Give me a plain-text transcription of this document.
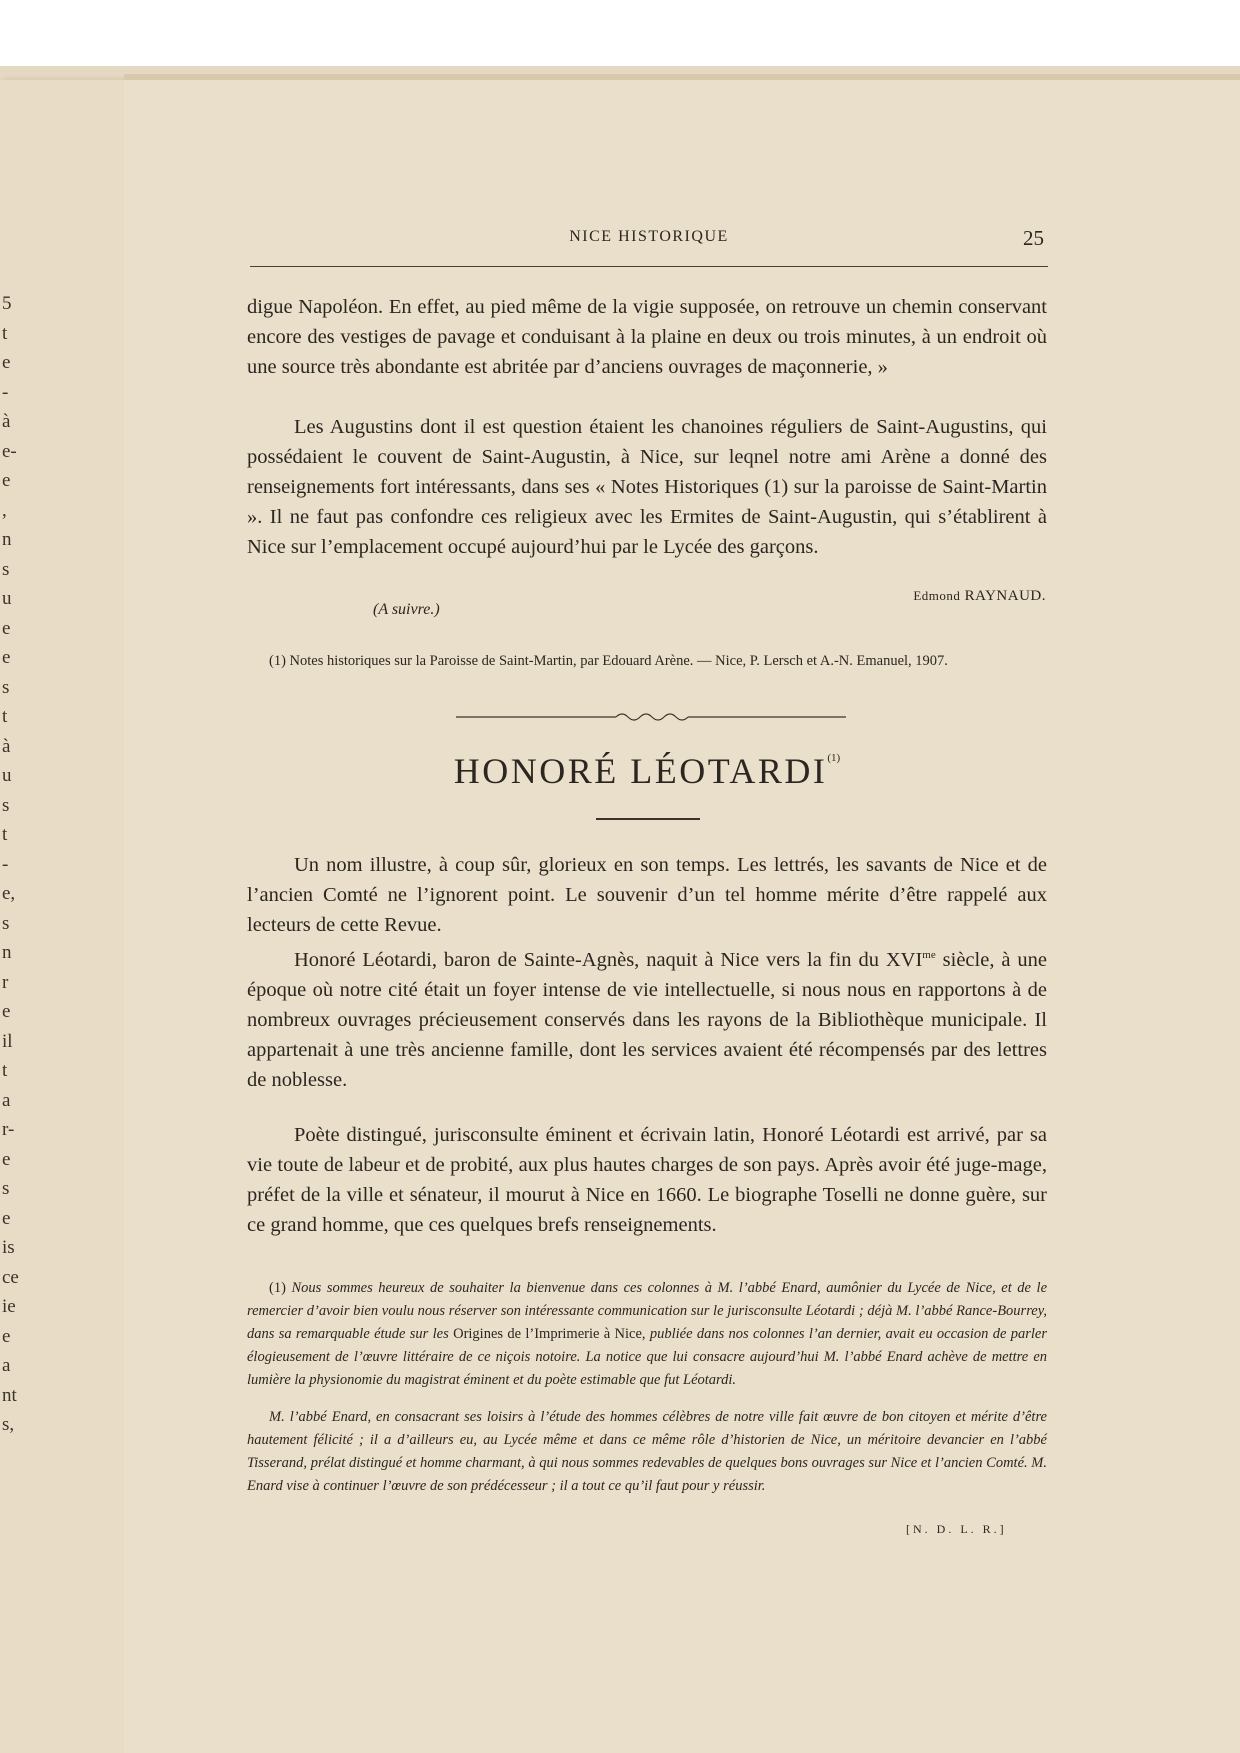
5
t
e
-
à
e-
e
,
n
s
u
e
e
s
t
à
u
s
t
-
e,
s
n
r
e
il
t
a
r-
e
s
e
is
ce
ie
e
a
nt
s,
NICE HISTORIQUE	25

digue Napoléon. En effet, au pied même de la vigie supposée, on retrouve un chemin conservant encore des vestiges de pavage et conduisant à la plaine en deux ou trois minutes, à un endroit où une source très abondante est abritée par d’anciens ouvrages de maçonnerie, »

Les Augustins dont il est question étaient les chanoines réguliers de Saint-Augustins, qui possédaient le couvent de Saint-Augustin, à Nice, sur leqnel notre ami Arène a donné des renseignements fort intéressants, dans ses « Notes Historiques (1) sur la paroisse de Saint-Martin ». Il ne faut pas confondre ces religieux avec les Ermites de Saint-Augustin, qui s’établirent à Nice sur l’emplacement occupé aujourd’hui par le Lycée des garçons.

Edmond RAYNAUD.
(A suivre.)

(1) Notes historiques sur la Paroisse de Saint-Martin, par Edouard Arène. — Nice, P. Lersch et A.-N. Emanuel, 1907.

HONORÉ LÉOTARDI$^{(1)}$

Un nom illustre, à coup sûr, glorieux en son temps. Les lettrés, les savants de Nice et de l’ancien Comté ne l’ignorent point. Le souvenir d’un tel homme mérite d’être rappelé aux lecteurs de cette Revue.

Honoré Léotardi, baron de Sainte-Agnès, naquit à Nice vers la fin du $XVI^{me}$ siècle, à une époque où notre cité était un foyer intense de vie intellectuelle, si nous nous en rapportons à de nombreux ouvrages précieusement conservés dans les rayons de la Bibliothèque municipale. Il appartenait à une très ancienne famille, dont les services avaient été récompensés par des lettres de noblesse.

Poète distingué, jurisconsulte éminent et écrivain latin, Honoré Léotardi est arrivé, par sa vie toute de labeur et de probité, aux plus hautes charges de son pays. Après avoir été juge-mage, préfet de la ville et sénateur, il mourut à Nice en 1660. Le biographe Toselli ne donne guère, sur ce grand homme, que ces quelques brefs renseignements.

(1) Nous sommes heureux de souhaiter la bienvenue dans ces colonnes à M. l’abbé Enard, aumônier du Lycée de Nice, et de le remercier d’avoir bien voulu nous réserver son intéressante communication sur le jurisconsulte Léotardi ; déjà M. l’abbé Rance-Bourrey, dans sa remarquable étude sur les Origines de l’Imprimerie à Nice, publiée dans nos colonnes l’an dernier, avait eu occasion de parler élogieusement de l’œuvre littéraire de ce niçois notoire. La notice que lui consacre aujourd’hui M. l’abbé Enard achève de mettre en lumière la physionomie du magistrat éminent et du poète estimable que fut Léotardi.

M. l’abbé Enard, en consacrant ses loisirs à l’étude des hommes célèbres de notre ville fait œuvre de bon citoyen et mérite d’être hautement félicité ; il a d’ailleurs eu, au Lycée même et dans ce même rôle d’historien de Nice, un méritoire devancier en l’abbé Tisserand, prélat distingué et homme charmant, à qui nous sommes redevables de quelques bons ouvrages sur Nice et l’ancien Comté. M. Enard vise à continuer l’œuvre de son prédécesseur ; il a tout ce qu’il faut pour y réussir.

[N. D. L. R.]
